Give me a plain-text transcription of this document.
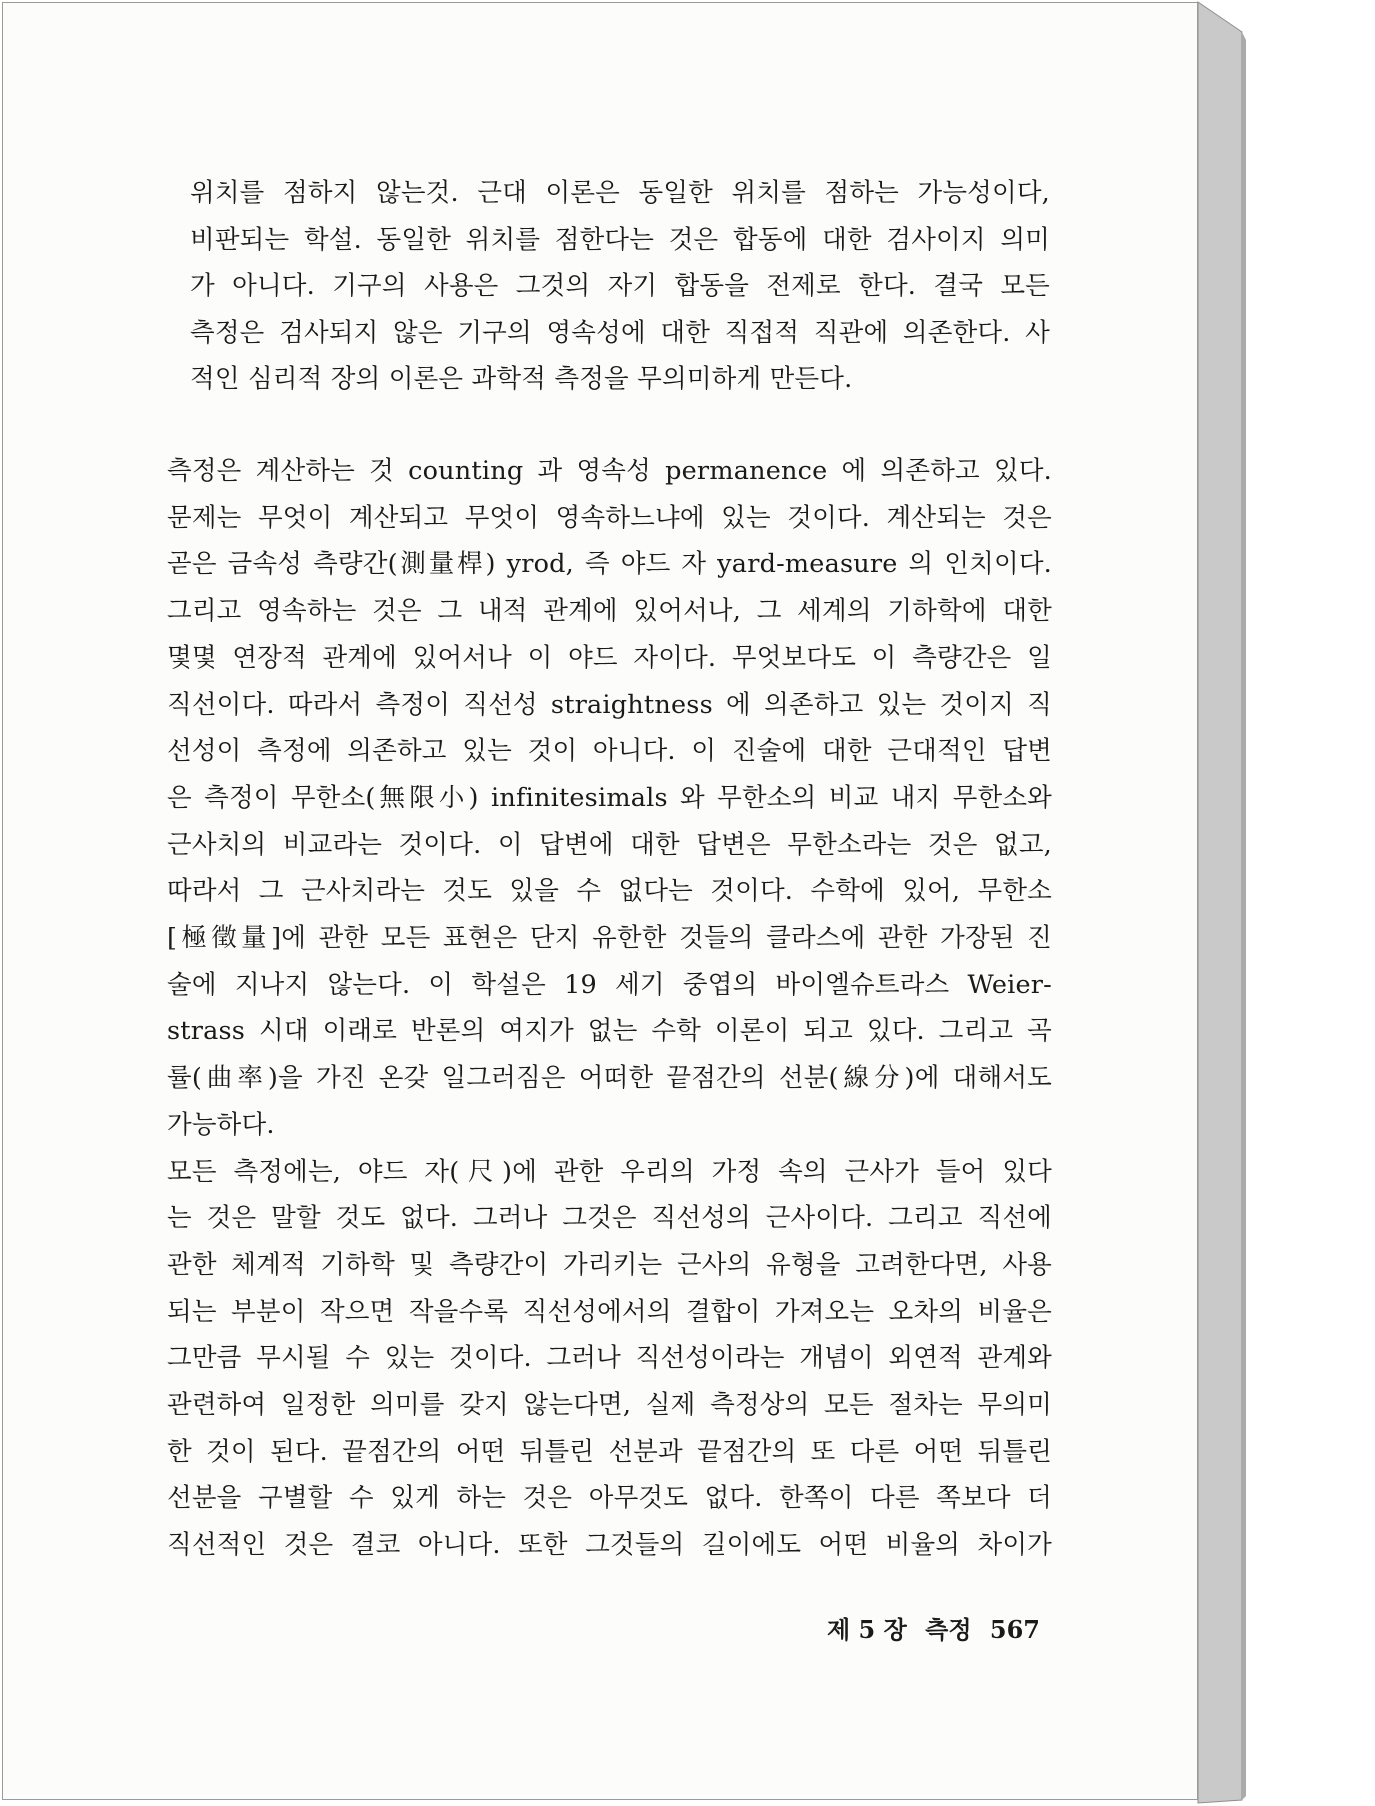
위치를 점하지 않는것. 근대 이론은 동일한 위치를 점하는 가능성이다,
비판되는 학설. 동일한 위치를 점한다는 것은 합동에 대한 검사이지 의미
가 아니다. 기구의 사용은 그것의 자기 합동을 전제로 한다. 결국 모든
측정은 검사되지 않은 기구의 영속성에 대한 직접적 직관에 의존한다. 사
적인 심리적 장의 이론은 과학적 측정을 무의미하게 만든다.
측정은 계산하는 것 counting 과 영속성 permanence 에 의존하고 있다.
문제는 무엇이 계산되고 무엇이 영속하느냐에 있는 것이다. 계산되는 것은
곧은 금속성 측량간(測量桿) yrod, 즉 야드 자 yard-measure 의 인치이다.
그리고 영속하는 것은 그 내적 관계에 있어서나, 그 세계의 기하학에 대한
몇몇 연장적 관계에 있어서나 이 야드 자이다. 무엇보다도 이 측량간은 일
직선이다. 따라서 측정이 직선성 straightness 에 의존하고 있는 것이지 직
선성이 측정에 의존하고 있는 것이 아니다. 이 진술에 대한 근대적인 답변
은 측정이 무한소(無限小) infinitesimals 와 무한소의 비교 내지 무한소와
근사치의 비교라는 것이다. 이 답변에 대한 답변은 무한소라는 것은 없고,
따라서 그 근사치라는 것도 있을 수 없다는 것이다. 수학에 있어, 무한소
[極徵量]에 관한 모든 표현은 단지 유한한 것들의 클라스에 관한 가장된 진
술에 지나지 않는다. 이 학설은 19 세기 중엽의 바이엘슈트라스 Weier-
strass 시대 이래로 반론의 여지가 없는 수학 이론이 되고 있다. 그리고 곡
률(曲率)을 가진 온갖 일그러짐은 어떠한 끝점간의 선분(線分)에 대해서도
가능하다.
모든 측정에는, 야드 자(尺)에 관한 우리의 가정 속의 근사가 들어 있다
는 것은 말할 것도 없다. 그러나 그것은 직선성의 근사이다. 그리고 직선에
관한 체계적 기하학 및 측량간이 가리키는 근사의 유형을 고려한다면, 사용
되는 부분이 작으면 작을수록 직선성에서의 결합이 가져오는 오차의 비율은
그만큼 무시될 수 있는 것이다. 그러나 직선성이라는 개념이 외연적 관계와
관련하여 일정한 의미를 갖지 않는다면, 실제 측정상의 모든 절차는 무의미
한 것이 된다. 끝점간의 어떤 뒤틀린 선분과 끝점간의 또 다른 어떤 뒤틀린
선분을 구별할 수 있게 하는 것은 아무것도 없다. 한쪽이 다른 쪽보다 더
직선적인 것은 결코 아니다. 또한 그것들의 길이에도 어떤 비율의 차이가
제 5 장 측정 567
